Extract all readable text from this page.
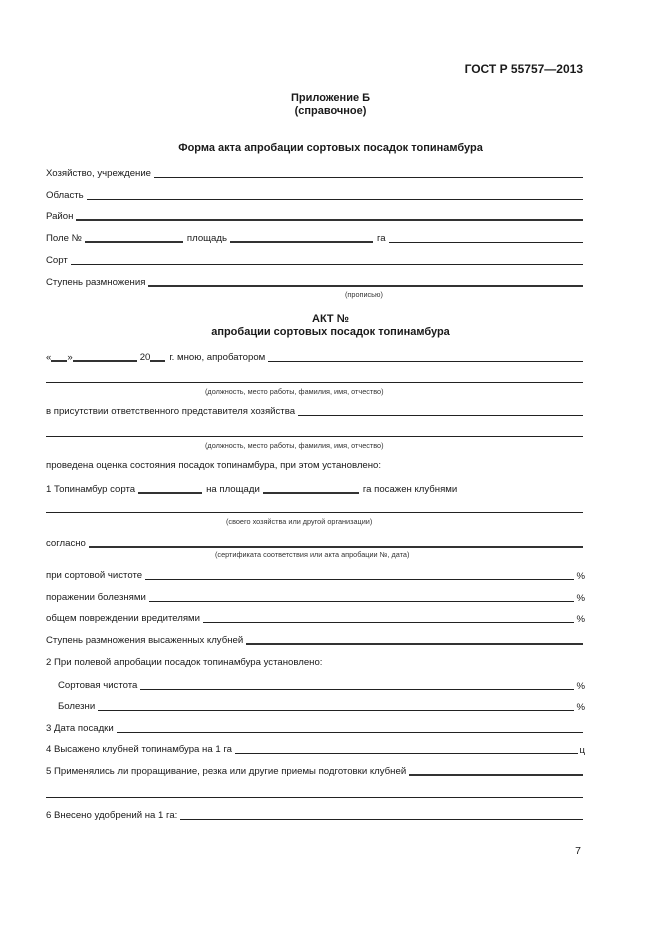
ГОСТ Р 55757—2013
Приложение Б
(справочное)
Форма акта апробации сортовых посадок топинамбура
Хозяйство, учреждение
Область
Район
Поле №	площадь	га
Сорт
Ступень размножения
(прописью)
АКТ №
апробации сортовых посадок топинамбура
« »	20 г. мною, апробатором
(должность, место работы, фамилия, имя, отчество)
в присутствии ответственного представителя хозяйства
(должность, место работы, фамилия, имя, отчество)
проведена оценка состояния посадок топинамбура, при этом установлено:
1 Топинамбур сорта	на площади	га посажен клубнями
(своего хозяйства или другой организации)
согласно
(сертификата соответствия или акта апробации №, дата)
при сортовой чистоте	%
поражении болезнями	%
общем повреждении вредителями	%
Ступень размножения высаженных клубней
2 При полевой апробации посадок топинамбура установлено:
Сортовая чистота	%
Болезни	%
3 Дата посадки
4 Высажено клубней топинамбура на 1 га	ц
5 Применялись ли проращивание, резка или другие приемы подготовки клубней
6 Внесено удобрений на 1 га:
7
